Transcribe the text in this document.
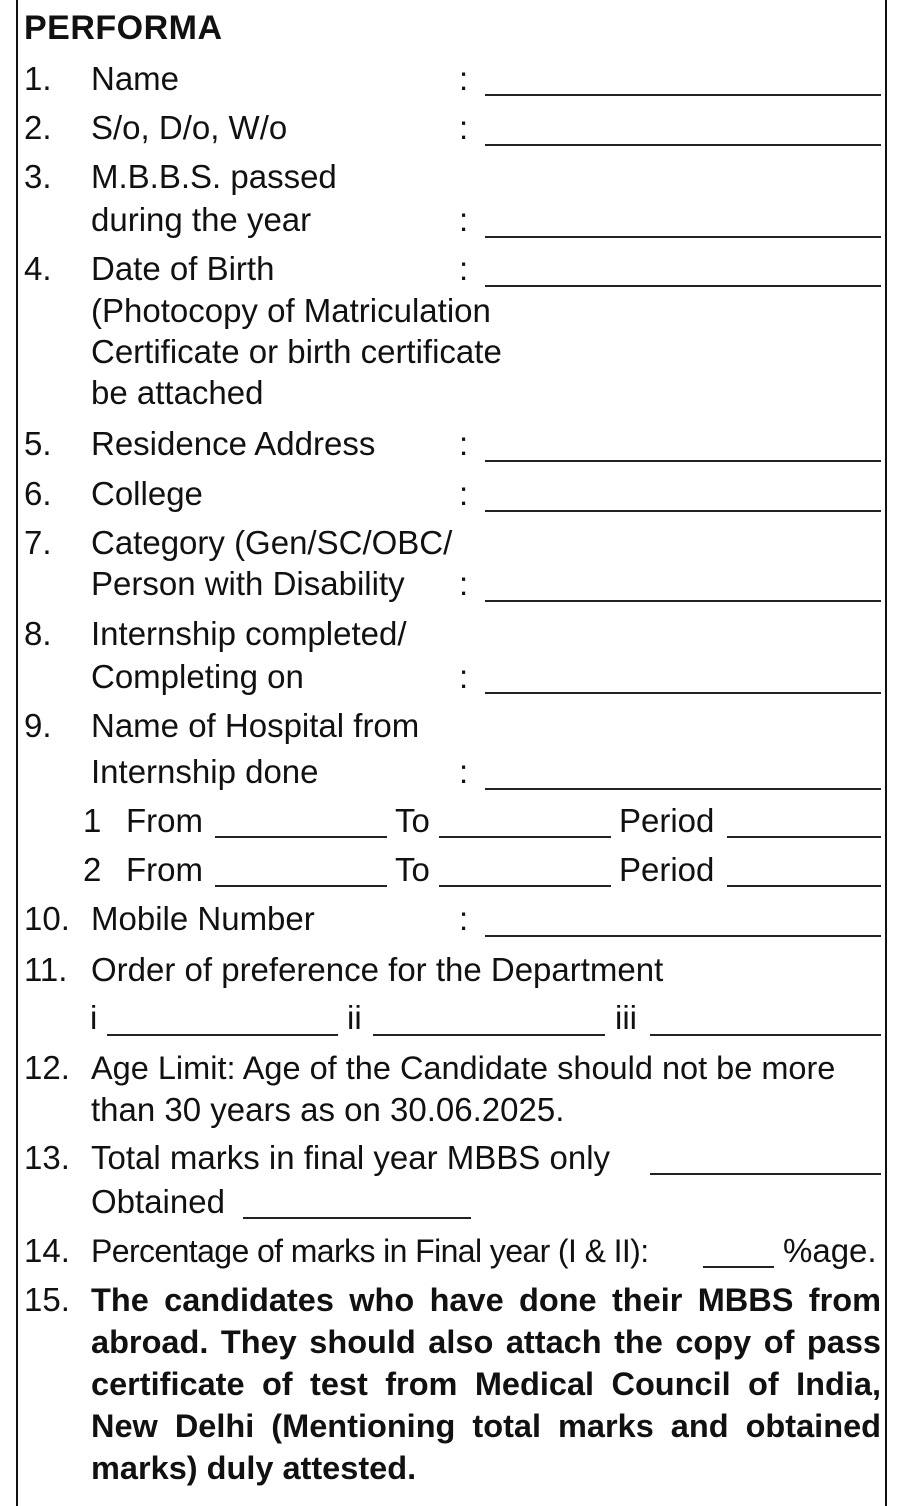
PERFORMA
1. Name	:
2. S/o, D/o, W/o	:
3. M.B.B.S. passed
during the year	:
4. Date of Birth	:
(Photocopy of Matriculation
Certificate or birth certificate
be attached
5. Residence Address	:
6. College	:
7. Category (Gen/SC/OBC/
Person with Disability :
8. Internship completed/
Completing on	:
9. Name of Hospital from
Internship done	:
1 From	To	Period
2 From	To	Period
10. Mobile Number	:
11. Order of preference for the Department
i	ii	iii
12. Age Limit: Age of the Candidate should not be more
than 30 years as on 30.06.2025.
13. Total marks in final year MBBS only
Obtained
14. Percentage of marks in Final year (I & II):	%age.
15. The candidates who have done their MBBS from
abroad. They should also attach the copy of pass
certificate of test from Medical Council of India,
New Delhi (Mentioning total marks and obtained
marks) duly attested.
